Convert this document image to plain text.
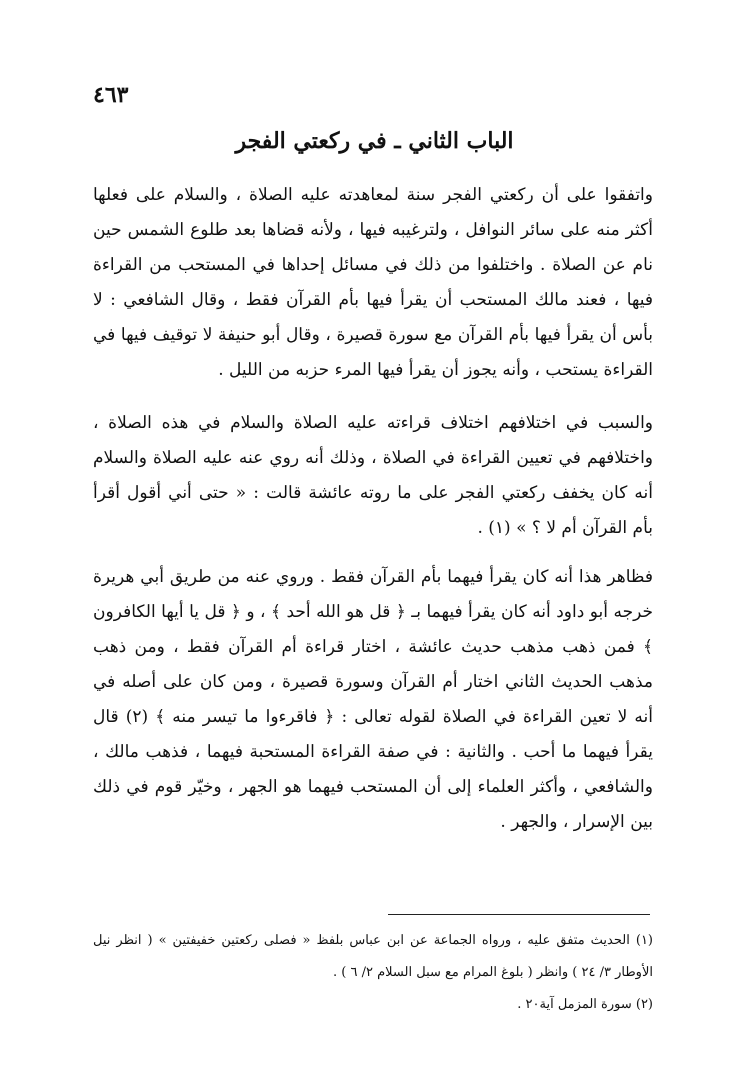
٤٦٣
الباب الثاني ـ في ركعتي الفجر

واتفقوا على أن ركعتي الفجر سنة لمعاهدته عليه الصلاة ، والسلام على فعلها أكثر منه على سائر النوافل ، ولترغيبه فيها ، ولأنه قضاها بعد طلوع الشمس حين نام عن الصلاة . واختلفوا من ذلك في مسائل إحداها في المستحب من القراءة فيها ، فعند مالك المستحب أن يقرأ فيها بأم القرآن فقط ، وقال الشافعي : لا بأس أن يقرأ فيها بأم القرآن مع سورة قصيرة ، وقال أبو حنيفة لا توقيف فيها في القراءة يستحب ، وأنه يجوز أن يقرأ فيها المرء حزبه من الليل .

والسبب في اختلافهم اختلاف قراءته عليه الصلاة والسلام في هذه الصلاة ، واختلافهم في تعيين القراءة في الصلاة ، وذلك أنه روي عنه عليه الصلاة والسلام أنه كان يخفف ركعتي الفجر على ما روته عائشة قالت : « حتى أني أقول أقرأ بأم القرآن أم لا ؟ » (١) .

فظاهر هذا أنه كان يقرأ فيهما بأم القرآن فقط . وروي عنه من طريق أبي هريرة خرجه أبو داود أنه كان يقرأ فيهما بـ ﴿ قل هو الله أحد ﴾ ، و ﴿ قل يا أيها الكافرون ﴾ فمن ذهب مذهب حديث عائشة ، اختار قراءة أم القرآن فقط ، ومن ذهب مذهب الحديث الثاني اختار أم القرآن وسورة قصيرة ، ومن كان على أصله في أنه لا تعين القراءة في الصلاة لقوله تعالى : ﴿ فاقرءوا ما تيسر منه ﴾ (٢) قال يقرأ فيهما ما أحب . والثانية : في صفة القراءة المستحبة فيهما ، فذهب مالك ، والشافعي ، وأكثر العلماء إلى أن المستحب فيهما هو الجهر ، وخيّر قوم في ذلك بين الإسرار ، والجهر .

(١) الحديث متفق عليه ، ورواه الجماعة عن ابن عباس بلفظ « فصلى ركعتين خفيفتين » ( انظر نيل الأوطار ٣/ ٢٤ ) وانظر ( بلوغ المرام مع سبل السلام ٢/ ٦ ) .

(٢) سورة المزمل آية٢٠ .
